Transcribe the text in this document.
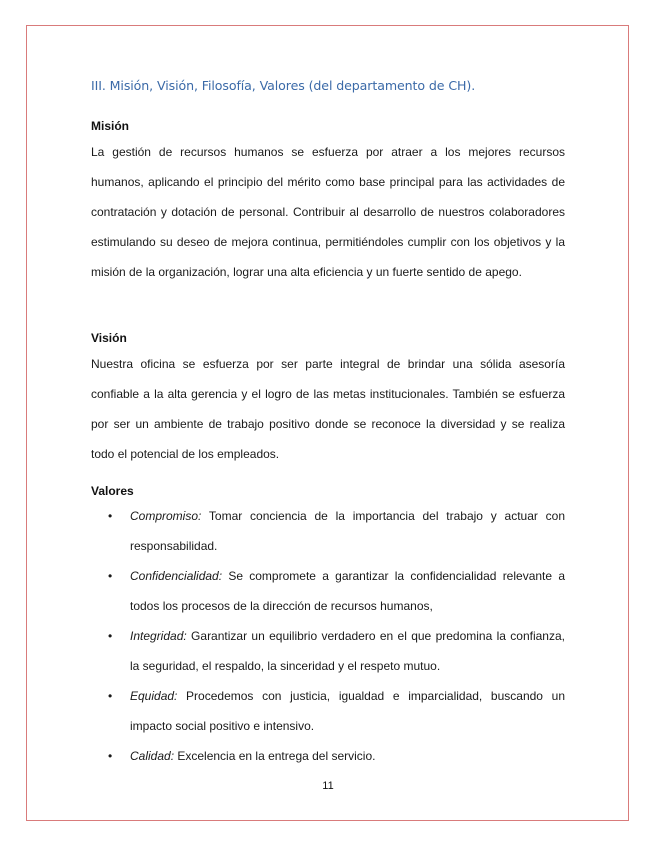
III. Misión, Visión, Filosofía, Valores (del departamento de CH).
Misión

La gestión de recursos humanos se esfuerza por atraer a los mejores recursos humanos, aplicando el principio del mérito como base principal para las actividades de contratación y dotación de personal. Contribuir al desarrollo de nuestros colaboradores estimulando su deseo de mejora continua, permitiéndoles cumplir con los objetivos y la misión de la organización, lograr una alta eficiencia y un fuerte sentido de apego.

Visión

Nuestra oficina se esfuerza por ser parte integral de brindar una sólida asesoría confiable a la alta gerencia y el logro de las metas institucionales. También se esfuerza por ser un ambiente de trabajo positivo donde se reconoce la diversidad y se realiza todo el potencial de los empleados.

Valores
• Compromiso: Tomar conciencia de la importancia del trabajo y actuar con responsabilidad.
• Confidencialidad: Se compromete a garantizar la confidencialidad relevante a todos los procesos de la dirección de recursos humanos,
• Integridad: Garantizar un equilibrio verdadero en el que predomina la confianza, la seguridad, el respaldo, la sinceridad y el respeto mutuo.
• Equidad: Procedemos con justicia, igualdad e imparcialidad, buscando un impacto social positivo e intensivo.
• Calidad: Excelencia en la entrega del servicio.
11
